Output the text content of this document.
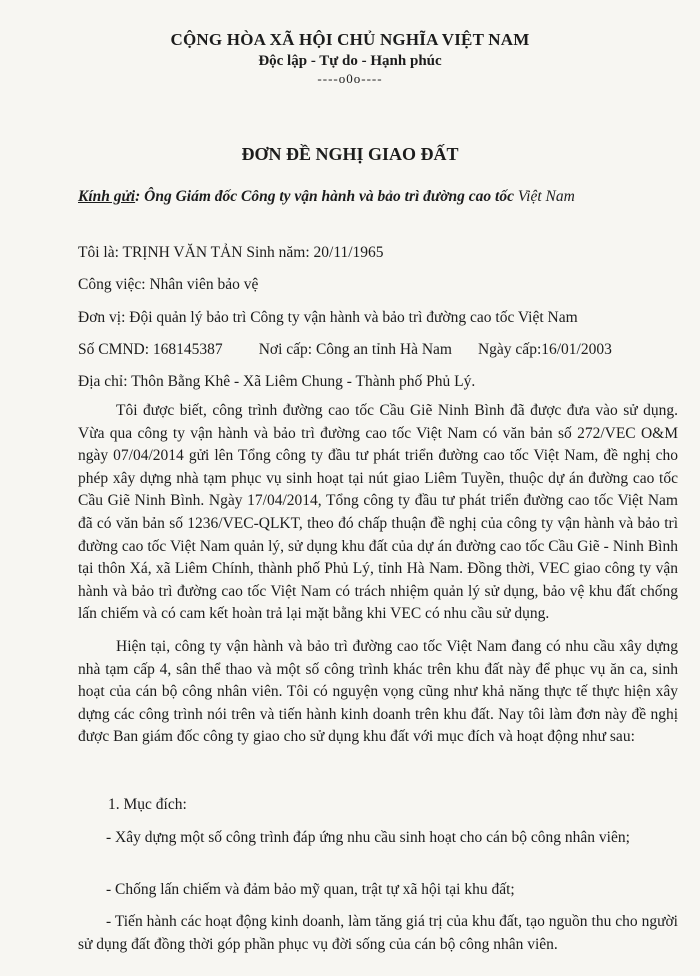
CỘNG HÒA XÃ HỘI CHỦ NGHĨA VIỆT NAM
Độc lập - Tự do - Hạnh phúc
----o0o----
ĐƠN ĐỀ NGHỊ GIAO ĐẤT
Kính gửi: Ông Giám đốc Công ty vận hành và bảo trì đường cao tốc Việt Nam
Tôi là: TRỊNH VĂN TẢN Sinh năm: 20/11/1965
Công việc: Nhân viên bảo vệ
Đơn vị: Đội quản lý bảo trì Công ty vận hành và bảo trì đường cao tốc Việt Nam
Số CMND: 168145387 Nơi cấp: Công an tỉnh Hà Nam Ngày cấp:16/01/2003
Địa chỉ: Thôn Bằng Khê - Xã Liêm Chung - Thành phố Phủ Lý.

Tôi được biết, công trình đường cao tốc Cầu Giẽ Ninh Bình đã được đưa vào sử dụng. Vừa qua công ty vận hành và bảo trì đường cao tốc Việt Nam có văn bản số 272/VEC O&M ngày 07/04/2014 gửi lên Tổng công ty đầu tư phát triển đường cao tốc Việt Nam, đề nghị cho phép xây dựng nhà tạm phục vụ sinh hoạt tại nút giao Liêm Tuyền, thuộc dự án đường cao tốc Cầu Giẽ Ninh Bình. Ngày 17/04/2014, Tổng công ty đầu tư phát triển đường cao tốc Việt Nam đã có văn bản số 1236/VEC-QLKT, theo đó chấp thuận đề nghị của công ty vận hành và bảo trì đường cao tốc Việt Nam quản lý, sử dụng khu đất của dự án đường cao tốc Cầu Giẽ - Ninh Bình tại thôn Xá, xã Liêm Chính, thành phố Phủ Lý, tỉnh Hà Nam. Đồng thời, VEC giao công ty vận hành và bảo trì đường cao tốc Việt Nam có trách nhiệm quản lý sử dụng, bảo vệ khu đất chống lấn chiếm và có cam kết hoàn trả lại mặt bằng khi VEC có nhu cầu sử dụng.

Hiện tại, công ty vận hành và bảo trì đường cao tốc Việt Nam đang có nhu cầu xây dựng nhà tạm cấp 4, sân thể thao và một số công trình khác trên khu đất này để phục vụ ăn ca, sinh hoạt của cán bộ công nhân viên. Tôi có nguyện vọng cũng như khả năng thực tế thực hiện xây dựng các công trình nói trên và tiến hành kinh doanh trên khu đất. Nay tôi làm đơn này đề nghị được Ban giám đốc công ty giao cho sử dụng khu đất với mục đích và hoạt động như sau:

1. Mục đích:
- Xây dựng một số công trình đáp ứng nhu cầu sinh hoạt cho cán bộ công nhân viên;
- Chống lấn chiếm và đảm bảo mỹ quan, trật tự xã hội tại khu đất;
- Tiến hành các hoạt động kinh doanh, làm tăng giá trị của khu đất, tạo nguồn thu cho người sử dụng đất đồng thời góp phần phục vụ đời sống của cán bộ công nhân viên.
